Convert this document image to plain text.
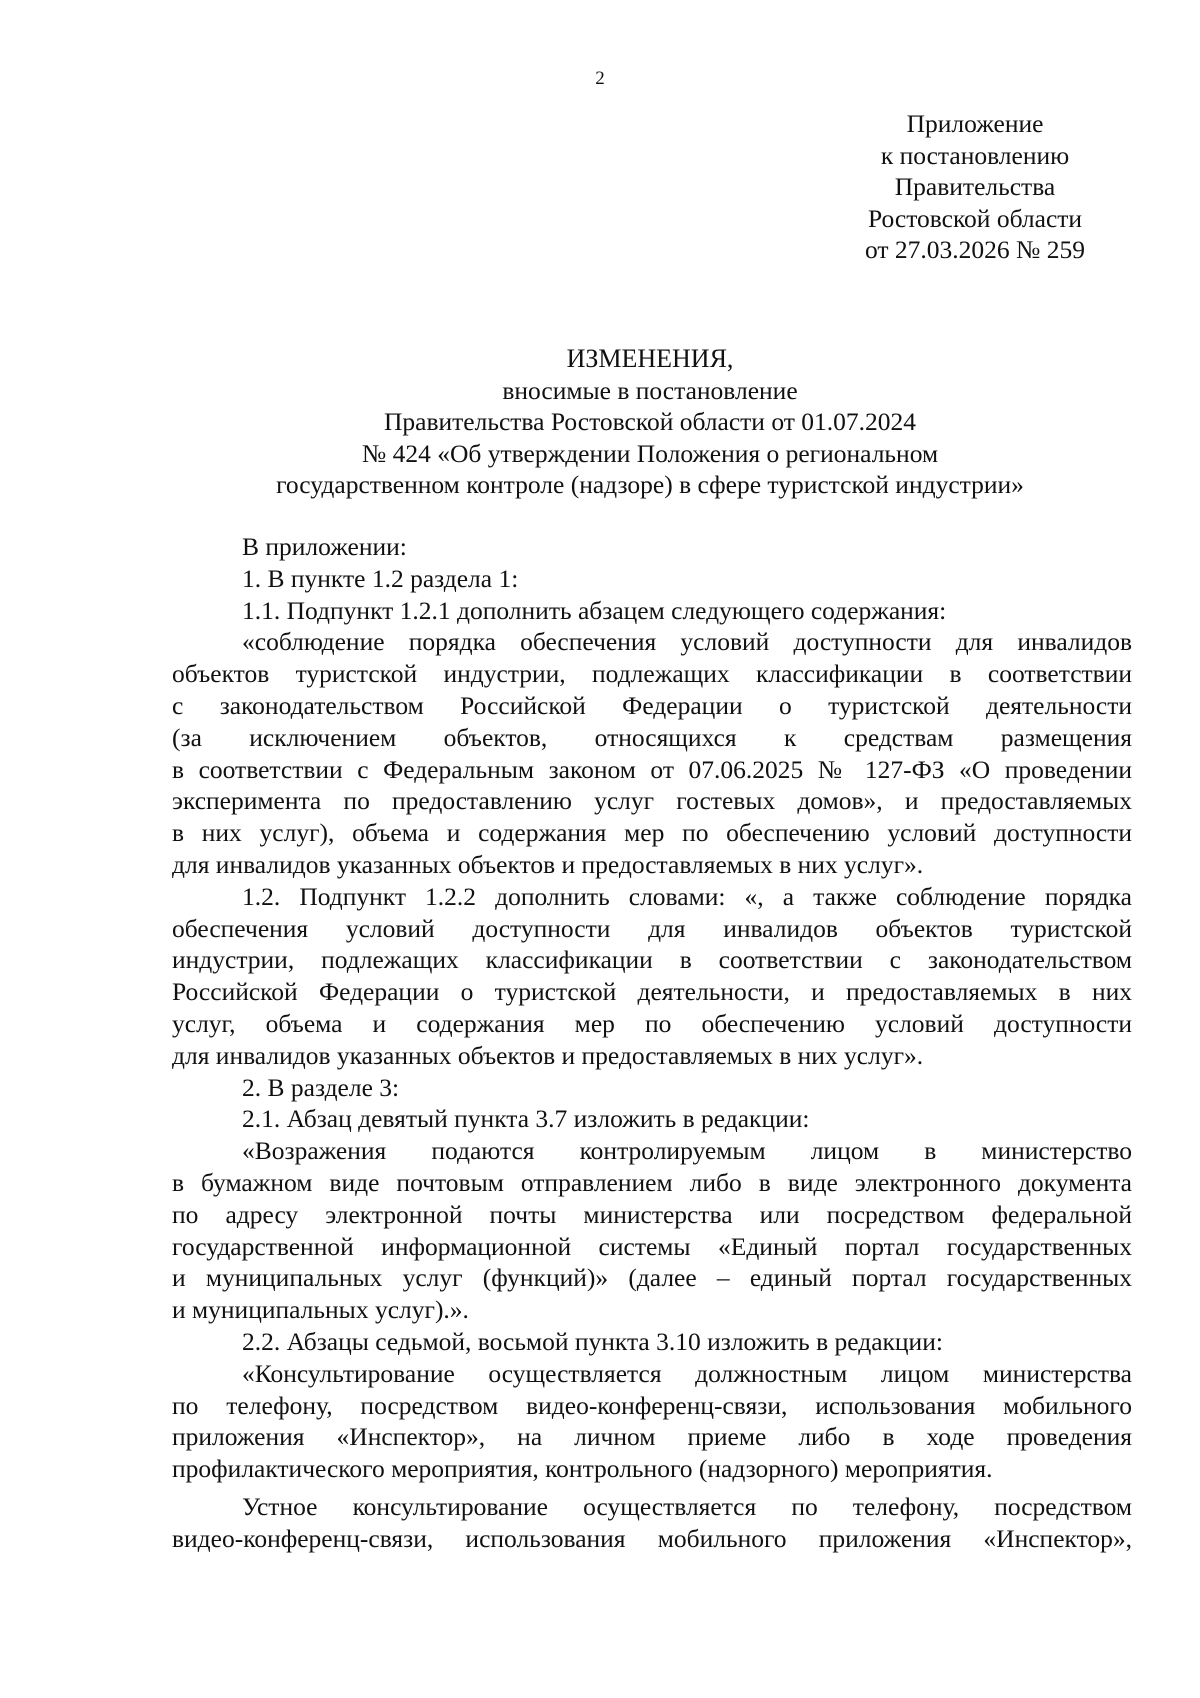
2
Приложение
к постановлению
Правительства
Ростовской области
от 27.03.2026 № 259
ИЗМЕНЕНИЯ,
вносимые в постановление
Правительства Ростовской области от 01.07.2024
№ 424 «Об утверждении Положения о региональном
государственном контроле (надзоре) в сфере туристской индустрии»
В приложении:
1. В пункте 1.2 раздела 1:
1.1. Подпункт 1.2.1 дополнить абзацем следующего содержания:
«соблюдение порядка обеспечения условий доступности для инвалидов
объектов туристской индустрии, подлежащих классификации в соответствии
с законодательством Российской Федерации о туристской деятельности
(за исключением объектов, относящихся к средствам размещения
в соответствии с Федеральным законом от 07.06.2025 № 127-ФЗ «О проведении
эксперимента по предоставлению услуг гостевых домов», и предоставляемых
в них услуг), объема и содержания мер по обеспечению условий доступности
для инвалидов указанных объектов и предоставляемых в них услуг».
1.2. Подпункт 1.2.2 дополнить словами: «, а также соблюдение порядка
обеспечения условий доступности для инвалидов объектов туристской
индустрии, подлежащих классификации в соответствии с законодательством
Российской Федерации о туристской деятельности, и предоставляемых в них
услуг, объема и содержания мер по обеспечению условий доступности
для инвалидов указанных объектов и предоставляемых в них услуг».
2. В разделе 3:
2.1. Абзац девятый пункта 3.7 изложить в редакции:
«Возражения подаются контролируемым лицом в министерство
в бумажном виде почтовым отправлением либо в виде электронного документа
по адресу электронной почты министерства или посредством федеральной
государственной информационной системы «Единый портал государственных
и муниципальных услуг (функций)» (далее – единый портал государственных
и муниципальных услуг).».
2.2. Абзацы седьмой, восьмой пункта 3.10 изложить в редакции:
«Консультирование осуществляется должностным лицом министерства
по телефону, посредством видео-конференц-связи, использования мобильного
приложения «Инспектор», на личном приеме либо в ходе проведения
профилактического мероприятия, контрольного (надзорного) мероприятия.
Устное консультирование осуществляется по телефону, посредством
видео-конференц-связи, использования мобильного приложения «Инспектор»,
